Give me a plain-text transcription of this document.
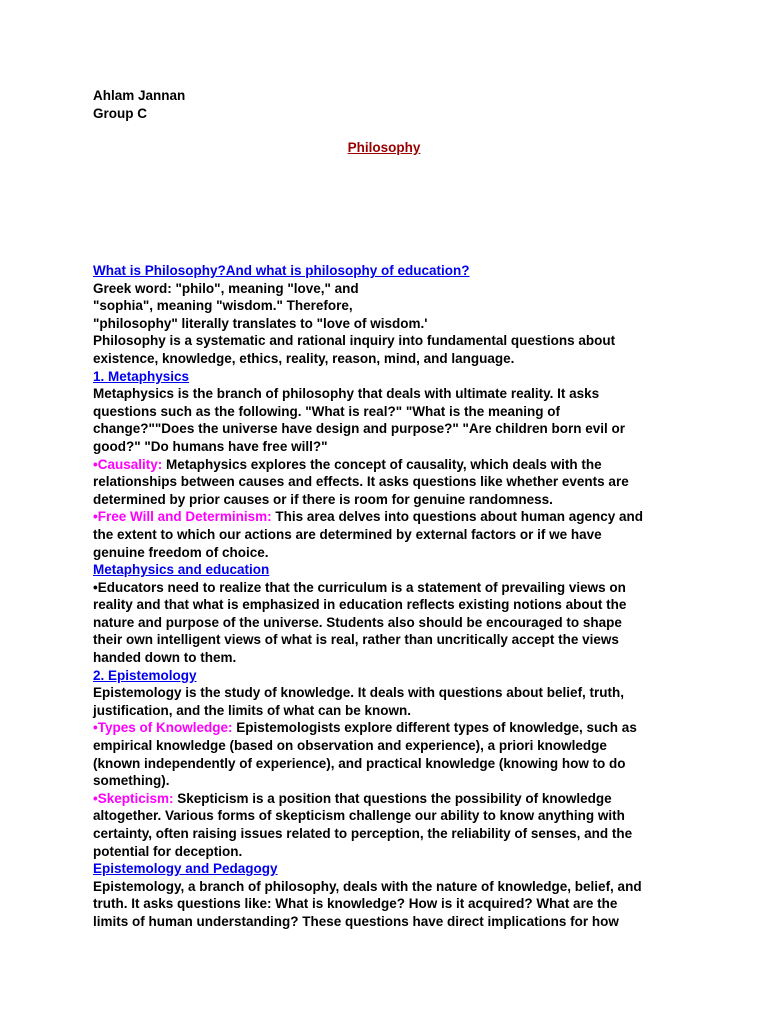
Ahlam Jannan
Group C
Philosophy
What is Philosophy?And what is philosophy of education?
Greek word: "philo", meaning "love," and
"sophia", meaning "wisdom." Therefore,
"philosophy" literally translates to "love of wisdom.'
Philosophy is a systematic and rational inquiry into fundamental questions about
existence, knowledge, ethics, reality, reason, mind, and language.
1. Metaphysics
Metaphysics is the branch of philosophy that deals with ultimate reality. It asks
questions such as the following. "What is real?" "What is the meaning of
change?""Does the universe have design and purpose?" "Are children born evil or
good?" "Do humans have free will?"
•Causality: Metaphysics explores the concept of causality, which deals with the
relationships between causes and effects. It asks questions like whether events are
determined by prior causes or if there is room for genuine randomness.
•Free Will and Determinism: This area delves into questions about human agency and
the extent to which our actions are determined by external factors or if we have
genuine freedom of choice.
Metaphysics and education
•Educators need to realize that the curriculum is a statement of prevailing views on
reality and that what is emphasized in education reflects existing notions about the
nature and purpose of the universe. Students also should be encouraged to shape
their own intelligent views of what is real, rather than uncritically accept the views
handed down to them.
2. Epistemology
Epistemology is the study of knowledge. It deals with questions about belief, truth,
justification, and the limits of what can be known.
•Types of Knowledge: Epistemologists explore different types of knowledge, such as
empirical knowledge (based on observation and experience), a priori knowledge
(known independently of experience), and practical knowledge (knowing how to do
something).
•Skepticism: Skepticism is a position that questions the possibility of knowledge
altogether. Various forms of skepticism challenge our ability to know anything with
certainty, often raising issues related to perception, the reliability of senses, and the
potential for deception.
Epistemology and Pedagogy
Epistemology, a branch of philosophy, deals with the nature of knowledge, belief, and
truth. It asks questions like: What is knowledge? How is it acquired? What are the
limits of human understanding? These questions have direct implications for how
